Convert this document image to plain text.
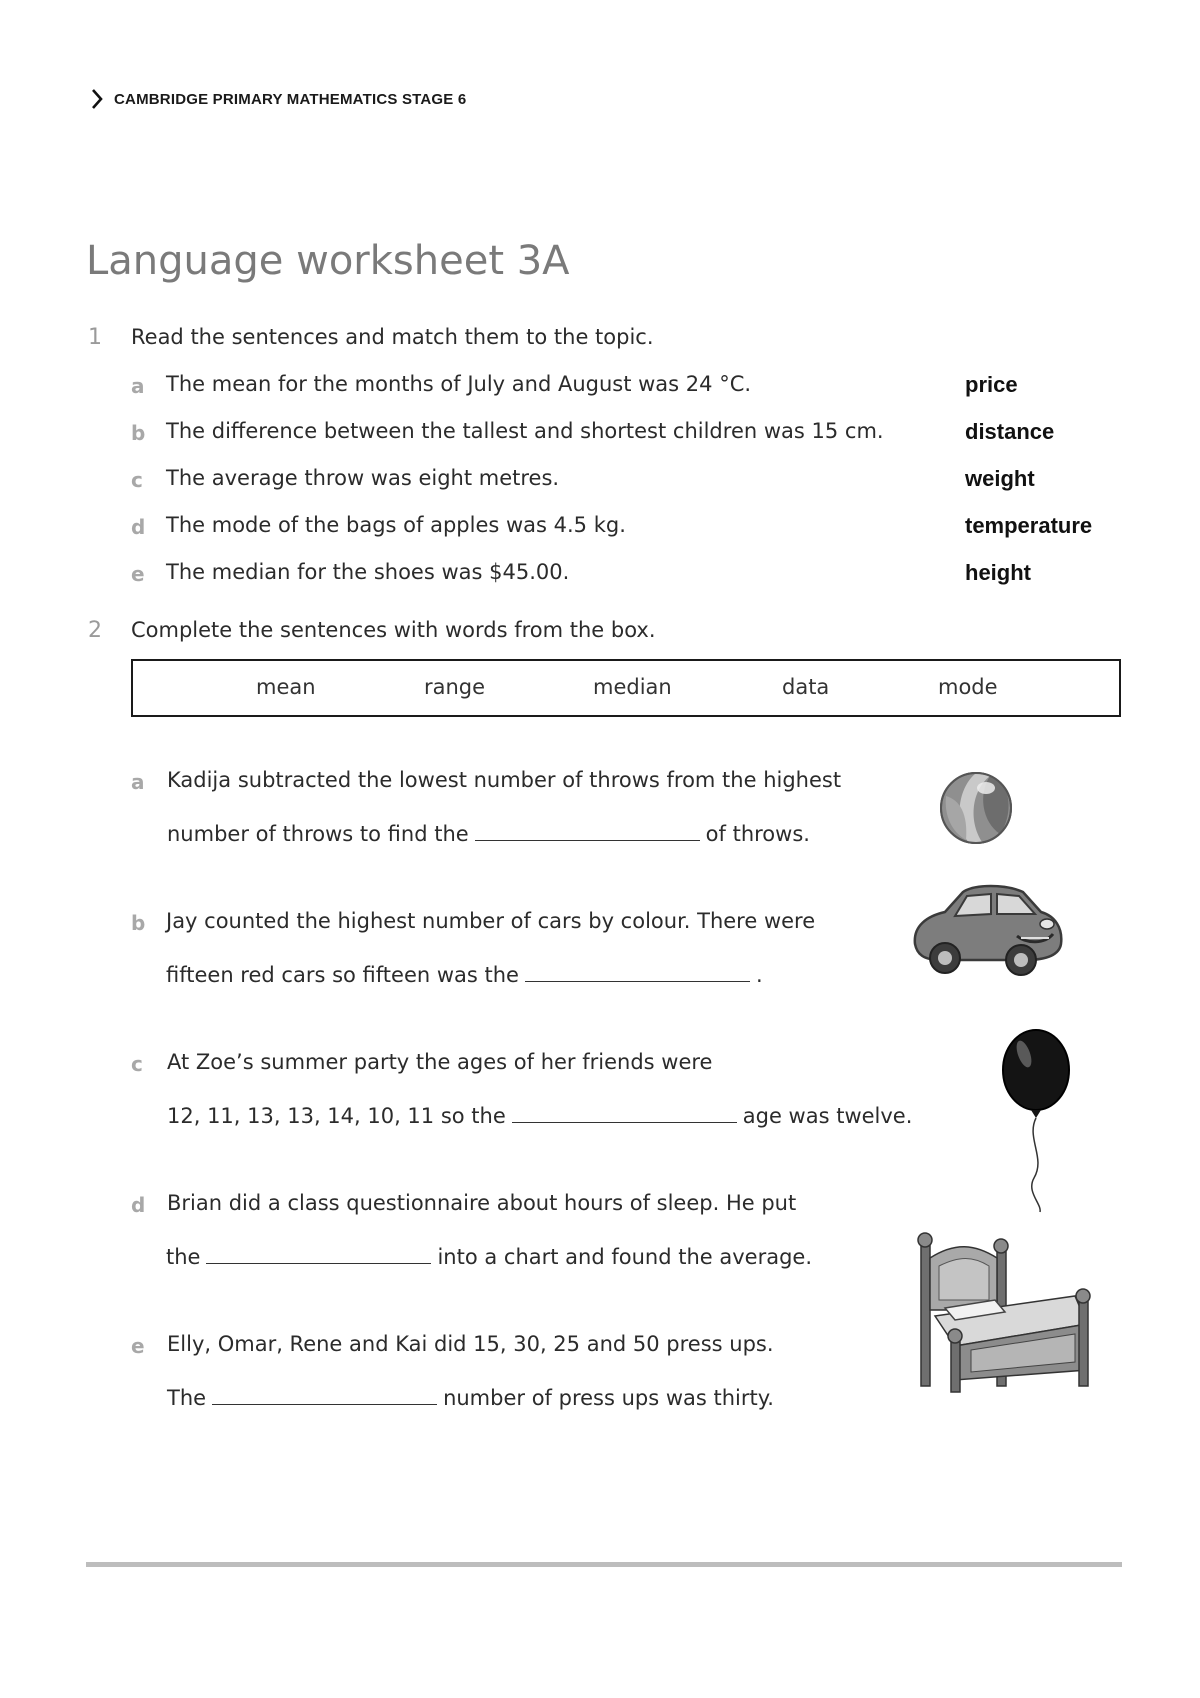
CAMBRIDGE PRIMARY MATHEMATICS STAGE 6
Language worksheet 3A
1 Read the sentences and match them to the topic.
a The mean for the months of July and August was 24 °C.	price
b The difference between the tallest and shortest children was 15 cm.	distance
c The average throw was eight metres.	weight
d The mode of the bags of apples was 4.5 kg.	temperature
e The median for the shoes was $45.00.	height
2 Complete the sentences with words from the box.
mean	range	median	data	mode
a Kadija subtracted the lowest number of throws from the highest
number of throws to find the	of throws.
b Jay counted the highest number of cars by colour. There were
fifteen red cars so fifteen was the	.
c At Zoe’s summer party the ages of her friends were
12, 11, 13, 13, 14, 10, 11 so the	age was twelve.
d Brian did a class questionnaire about hours of sleep. He put
the	into a chart and found the average.
e Elly, Omar, Rene and Kai did 15, 30, 25 and 50 press ups.
The	number of press ups was thirty.
